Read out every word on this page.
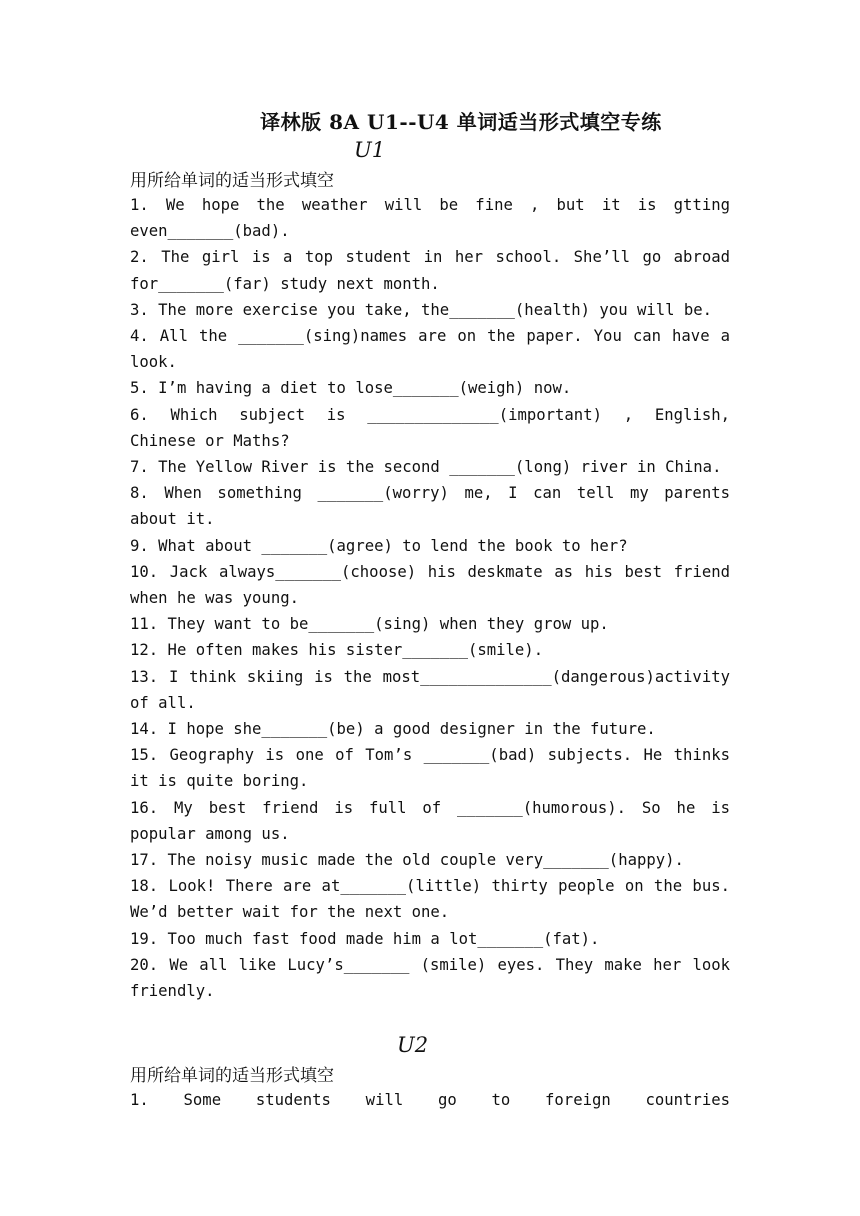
译林版 8A U1--U4 单词适当形式填空专练
U1
用所给单词的适当形式填空

1. We hope the weather will be fine , but it is gtting even_______(bad).

2. The girl is a top student in her school. She’ll go abroad for_______(far) study next month.

3. The more exercise you take, the_______(health) you will be.

4. All the _______(sing)names are on the paper. You can have a look.

5. I’m having a diet to lose_______(weigh) now.

6. Which subject is ______________(important) , English, Chinese or Maths?

7. The Yellow River is the second _______(long) river in China.

8. When something _______(worry) me, I can tell my parents about it.

9. What about _______(agree) to lend the book to her?

10. Jack always_______(choose) his deskmate as his best friend when he was young.

11. They want to be_______(sing) when they grow up.

12. He often makes his sister_______(smile).

13. I think skiing is the most______________(dangerous)activity of all.

14. I hope she_______(be) a good designer in the future.

15. Geography is one of Tom’s _______(bad) subjects. He thinks it is quite boring.

16. My best friend is full of _______(humorous). So he is popular among us.

17. The noisy music made the old couple very_______(happy).

18. Look! There are at_______(little) thirty people on the bus. We’d better wait for the next one.

19. Too much fast food made him a lot_______(fat).

20. We all like Lucy’s_______ (smile) eyes. They make her look friendly.

U2
用所给单词的适当形式填空

1. Some students will go to foreign countries
